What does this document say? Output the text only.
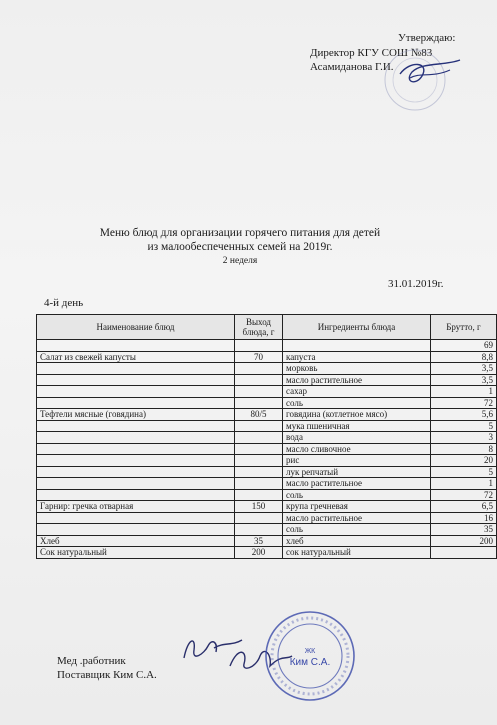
Утверждаю:
Директор КГУ СОШ №83
Асамиданова Г.И.
Меню блюд для организации горячего питания для детей
из малообеспеченных семей на 2019г.
2 неделя
31.01.2019г.
4-й день
Наименование блюд	Выход блюда, г	Ингредиенты блюда	Брутто, г
			69
Салат из свежей капусты	70	капуста	8,8
		морковь	3,5
		масло растительное	3,5
		сахар	1
		соль	72
Тефтели мясные (говядина)	80/5	говядина (котлетное мясо)	5,6
		мука пшеничная	5
		вода	3
		масло сливочное	8
		рис	20
		лук репчатый	5
		масло растительное	1
		соль	72
Гарнир: гречка отварная	150	крупа гречневая	6,5
		масло растительное	16
		соль	35
Хлеб	35	хлеб	200
Сок натуральный	200	сок натуральный	
Мед .работник
Поставщик Ким С.А.
ЖК
Ким С.А.
